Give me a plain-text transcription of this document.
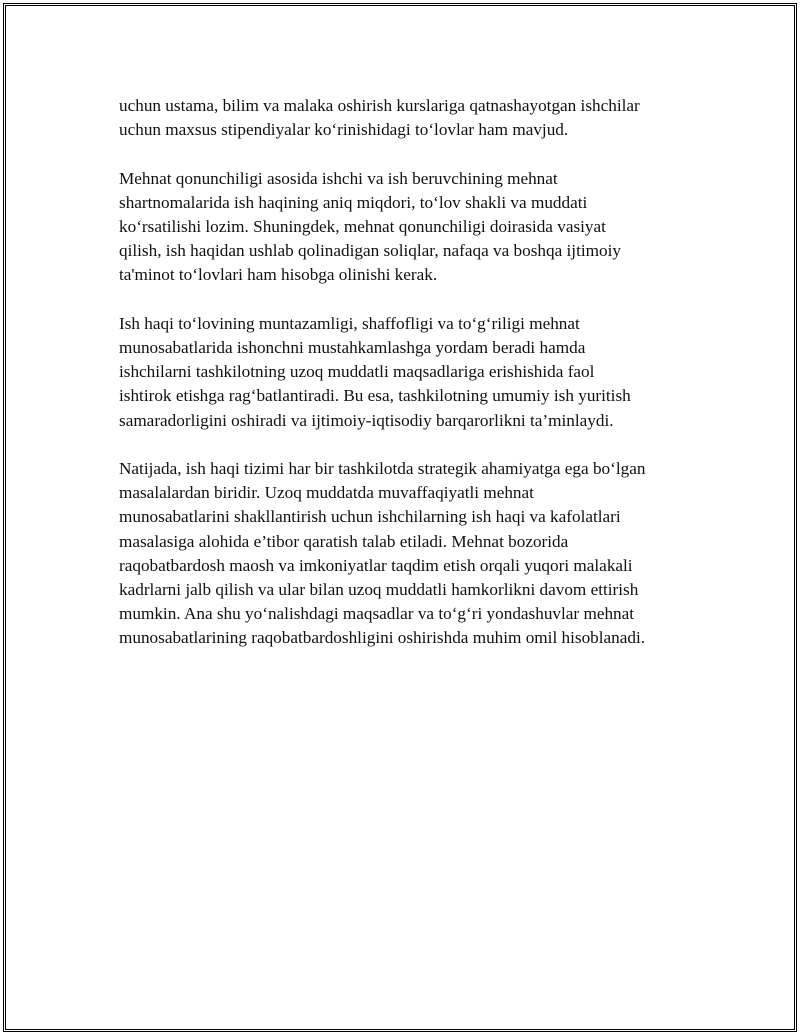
uchun ustama, bilim va malaka oshirish kurslariga qatnashayotgan ishchilar
uchun maxsus stipendiyalar ko‘rinishidagi to‘lovlar ham mavjud.

Mehnat qonunchiligi asosida ishchi va ish beruvchining mehnat
shartnomalarida ish haqining aniq miqdori, to‘lov shakli va muddati
ko‘rsatilishi lozim. Shuningdek, mehnat qonunchiligi doirasida vasiyat
qilish, ish haqidan ushlab qolinadigan soliqlar, nafaqa va boshqa ijtimoiy
ta'minot to‘lovlari ham hisobga olinishi kerak.

Ish haqi to‘lovining muntazamligi, shaffofligi va to‘g‘riligi mehnat
munosabatlarida ishonchni mustahkamlashga yordam beradi hamda
ishchilarni tashkilotning uzoq muddatli maqsadlariga erishishida faol
ishtirok etishga rag‘batlantiradi. Bu esa, tashkilotning umumiy ish yuritish
samaradorligini oshiradi va ijtimoiy-iqtisodiy barqarorlikni ta’minlaydi.

Natijada, ish haqi tizimi har bir tashkilotda strategik ahamiyatga ega bo‘lgan
masalalardan biridir. Uzoq muddatda muvaffaqiyatli mehnat
munosabatlarini shakllantirish uchun ishchilarning ish haqi va kafolatlari
masalasiga alohida e’tibor qaratish talab etiladi. Mehnat bozorida
raqobatbardosh maosh va imkoniyatlar taqdim etish orqali yuqori malakali
kadrlarni jalb qilish va ular bilan uzoq muddatli hamkorlikni davom ettirish
mumkin. Ana shu yo‘nalishdagi maqsadlar va to‘g‘ri yondashuvlar mehnat
munosabatlarining raqobatbardoshligini oshirishda muhim omil hisoblanadi.
